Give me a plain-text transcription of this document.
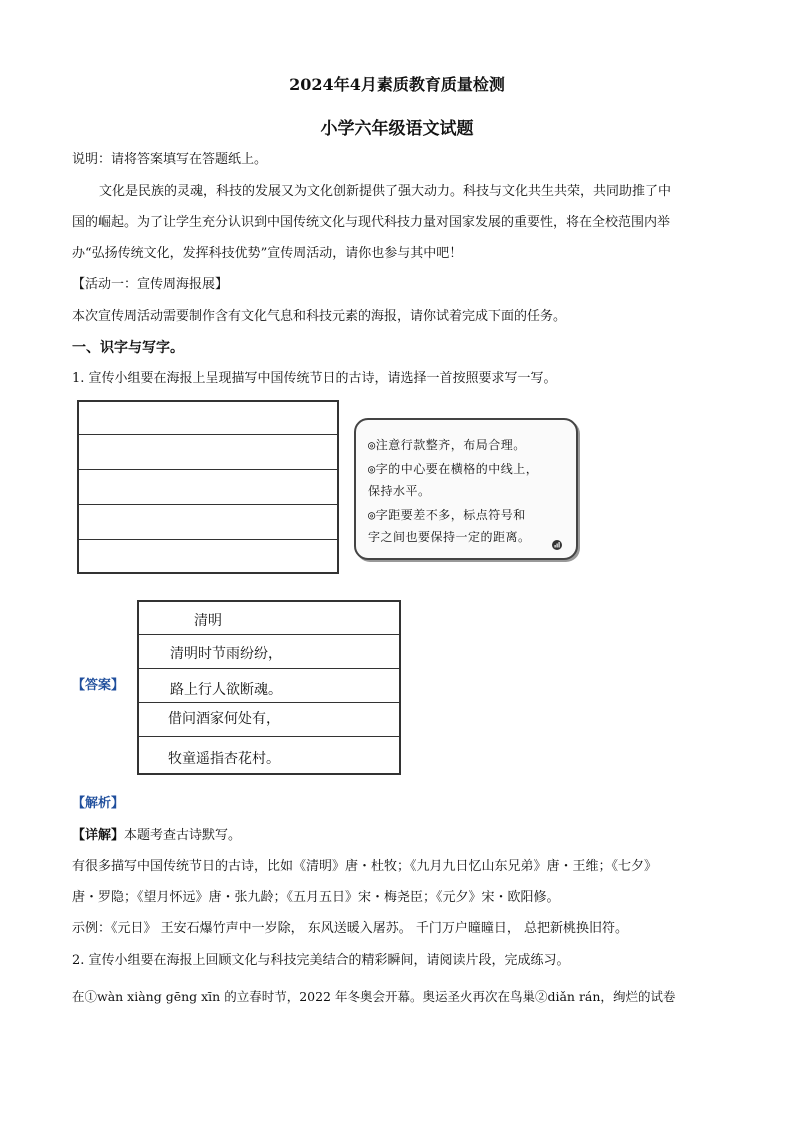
2024年4月素质教育质量检测
小学六年级语文试题
说明：请将答案填写在答题纸上。
文化是民族的灵魂，科技的发展又为文化创新提供了强大动力。科技与文化共生共荣，共同助推了中
国的崛起。为了让学生充分认识到中国传统文化与现代科技力量对国家发展的重要性，将在全校范围内举
办“弘扬传统文化，发挥科技优势”宣传周活动，请你也参与其中吧！
【活动一：宣传周海报展】
本次宣传周活动需要制作含有文化气息和科技元素的海报，请你试着完成下面的任务。
一、识字与写字。
1. 宣传小组要在海报上呈现描写中国传统节日的古诗，请选择一首按照要求写一写。
◎注意行款整齐，布局合理。
◎字的中心要在横格的中线上，
保持水平。
◎字距要差不多，标点符号和
字之间也要保持一定的距离。
【答案】
清明
清明时节雨纷纷，
路上行人欲断魂。
借问酒家何处有，
牧童遥指杏花村。
【解析】
【详解】本题考查古诗默写。
有很多描写中国传统节日的古诗，比如《清明》唐・杜牧；《九月九日忆山东兄弟》唐・王维；《七夕》
唐・罗隐；《望月怀远》唐・张九龄；《五月五日》宋・梅尧臣；《元夕》宋・欧阳修。
示例：《元日》 王安石爆竹声中一岁除， 东风送暖入屠苏。 千门万户曈曈日， 总把新桃换旧符。
2. 宣传小组要在海报上回顾文化与科技完美结合的精彩瞬间，请阅读片段，完成练习。
在①wàn xiàng gēng xīn 的立春时节，2022 年冬奥会开幕。奥运圣火再次在鸟巢②diǎn rán，绚烂的试卷
